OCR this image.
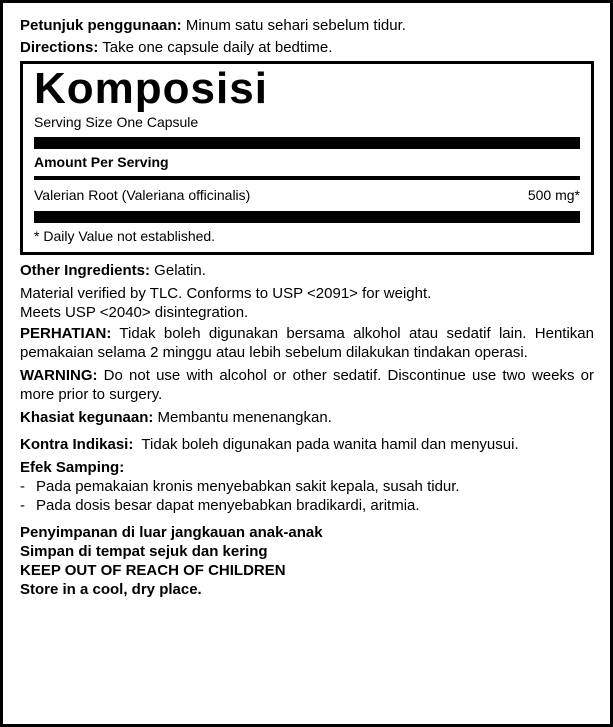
Petunjuk penggunaan: Minum satu sehari sebelum tidur.

Directions: Take one capsule daily at bedtime.

Komposisi

Serving Size One Capsule
Amount Per Serving
Valerian Root (Valeriana officinalis)	500 mg*
* Daily Value not established.

Other Ingredients: Gelatin.

Material verified by TLC. Conforms to USP <2091> for weight.

Meets USP <2040> disintegration.

PERHATIAN: Tidak boleh digunakan bersama alkohol atau sedatif lain. Hentikan pemakaian selama 2 minggu atau lebih sebelum dilakukan tindakan operasi.

WARNING: Do not use with alcohol or other sedatif. Discontinue use two weeks or more prior to surgery.

Khasiat kegunaan: Membantu menenangkan.

Kontra Indikasi:  Tidak boleh digunakan pada wanita hamil dan menyusui.

Efek Samping:

- Pada pemakaian kronis menyebabkan sakit kepala, susah tidur.
- Pada dosis besar dapat menyebabkan bradikardi, aritmia.

Penyimpanan di luar jangkauan anak-anak

Simpan di tempat sejuk dan kering

KEEP OUT OF REACH OF CHILDREN

Store in a cool, dry place.
